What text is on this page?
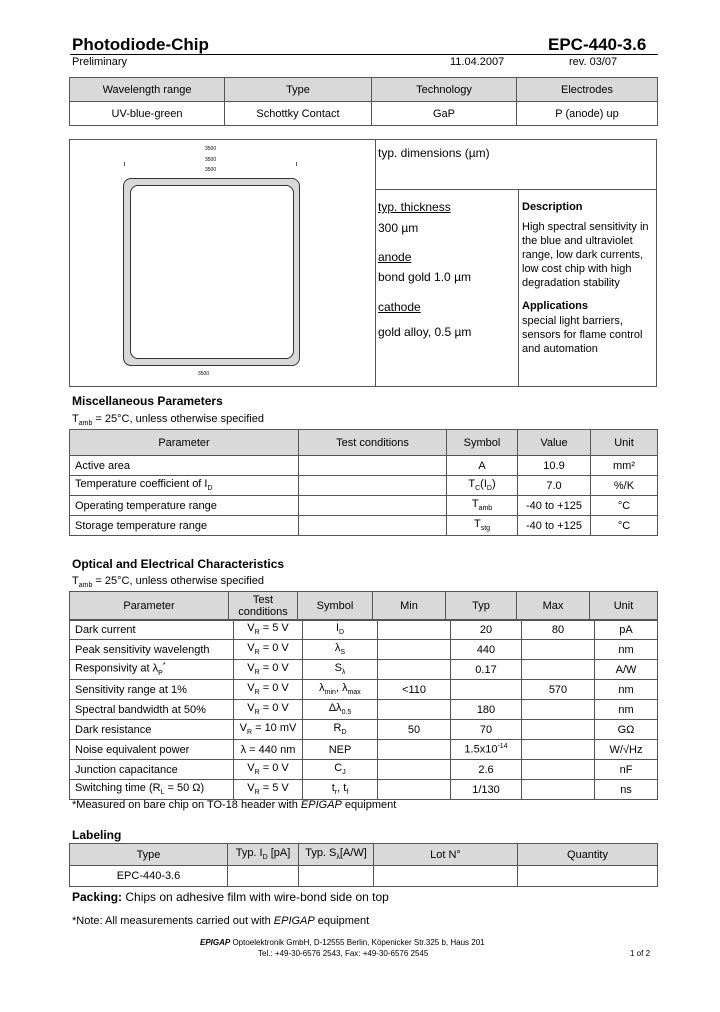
Photodiode-Chip	EPC-440-3.6
Preliminary	11.04.2007	rev. 03/07
Wavelength range	Type	Technology	Electrodes
UV-blue-green	Schottky Contact	GaP	P (anode) up
3500
3500
3500
3500
typ. dimensions (µm)
typ. thickness
300 µm
anode
bond gold 1.0 µm
cathode
gold alloy, 0.5 µm
Description
High spectral sensitivity in the blue and ultraviolet range, low dark currents, low cost chip with high degradation stability
Applications
special light barriers, sensors for flame control and automation
Miscellaneous Parameters
$T_{amb} = 25^\circ C$, unless otherwise specified
Parameter	Test conditions	Symbol	Value	Unit
Active area		A	10.9	mm²
Temperature coefficient of $I_D$		$T_C(I_D)$	7.0	%/K
Operating temperature range		$T_{amb}$	-40 to +125	°C
Storage temperature range		$T_{stg}$	-40 to +125	°C
Optical and Electrical Characteristics
$T_{amb} = 25^\circ C$, unless otherwise specified
Parameter	Test conditions	Symbol	Min	Typ	Max	Unit
Dark current	$V_R = 5$ V	$I_D$		20	80	pA
Peak sensitivity wavelength	$V_R = 0$ V	$\lambda_S$		440		nm
Responsivity at $\lambda_P^*$	$V_R = 0$ V	$S_\lambda$		0.17		A/W
Sensitivity range at 1%	$V_R = 0$ V	$\lambda_{min}$, $\lambda_{max}$	<110		570	nm
Spectral bandwidth at 50%	$V_R = 0$ V	$\Delta\lambda_{0.5}$		180		nm
Dark resistance	$V_R = 10$ mV	$R_D$	50	70		GΩ
Noise equivalent power	λ = 440 nm	NEP		$1.5x10^{-14}$		W/√Hz
Junction capacitance	$V_R = 0$ V	$C_J$		2.6		nF
Switching time ($R_L = 50$ Ω)	$V_R = 5$ V	$t_r$, $t_f$		1/130		ns
*Measured on bare chip on TO-18 header with EPIGAP equipment
Labeling
Type	Typ. $I_D$ [pA]	Typ. $S_\lambda[A/W]$	Lot N°	Quantity
EPC-440-3.6				
Packing: Chips on adhesive film with wire-bond side on top
*Note: All measurements carried out with EPIGAP equipment
EPIGAP Optoelektronik GmbH, D-12555 Berlin, Köpenicker Str.325 b, Haus 201
Tel.: +49-30-6576 2543, Fax: +49-30-6576 2545	1 of 2
